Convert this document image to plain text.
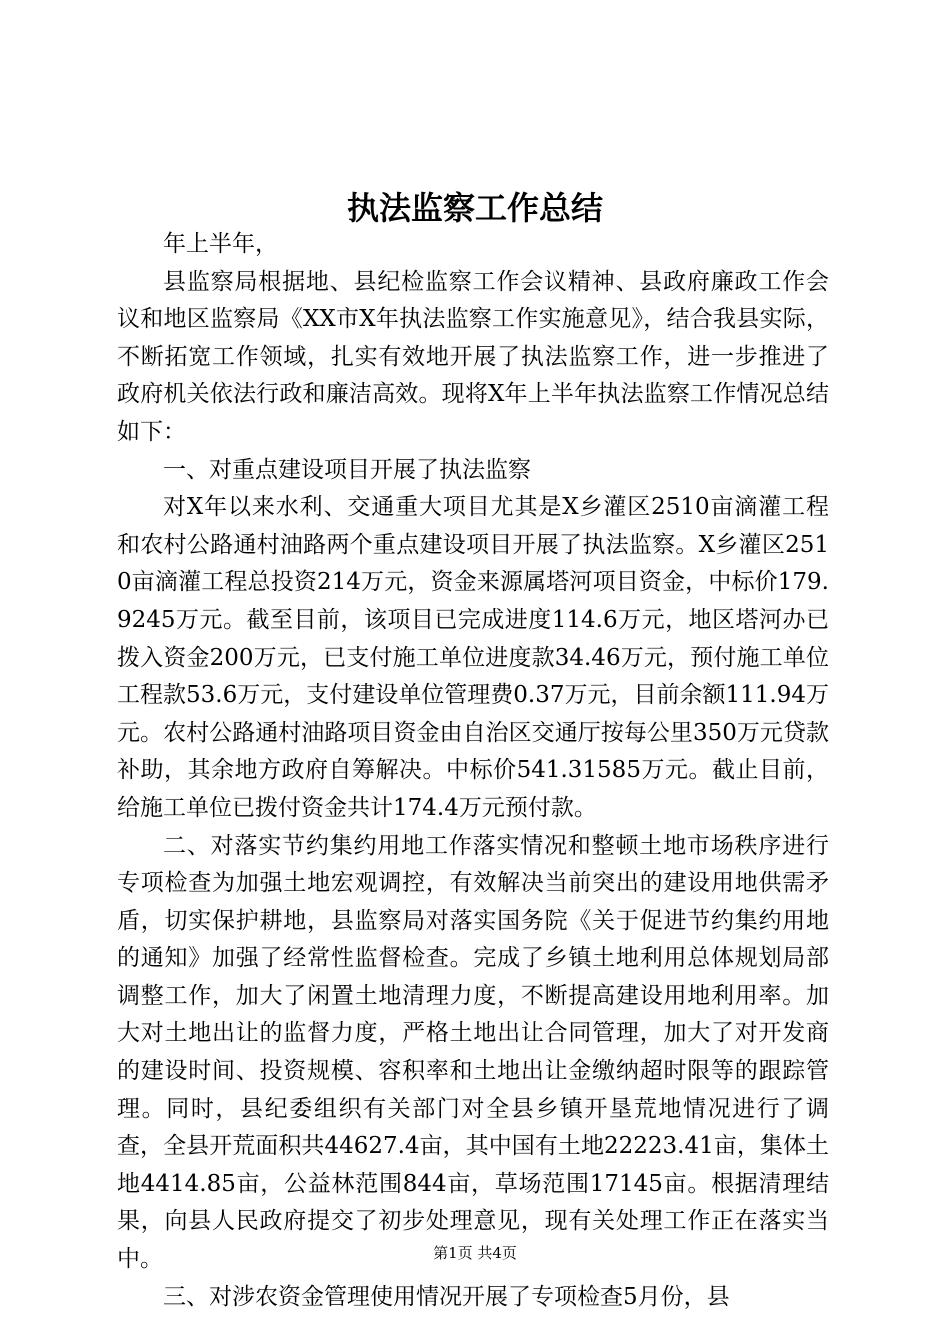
执法监察工作总结

年上半年，

县监察局根据地、县纪检监察工作会议精神、县政府廉政工作会议和地区监察局《XX市X年执法监察工作实施意见》，结合我县实际，不断拓宽工作领域，扎实有效地开展了执法监察工作，进一步推进了政府机关依法行政和廉洁高效。现将X年上半年执法监察工作情况总结如下：

一、对重点建设项目开展了执法监察

对X年以来水利、交通重大项目尤其是X乡灌区2510亩滴灌工程和农村公路通村油路两个重点建设项目开展了执法监察。X乡灌区2510亩滴灌工程总投资214万元，资金来源属塔河项目资金，中标价179.9245万元。截至目前，该项目已完成进度114.6万元，地区塔河办已拨入资金200万元，已支付施工单位进度款34.46万元，预付施工单位工程款53.6万元，支付建设单位管理费0.37万元，目前余额111.94万元。农村公路通村油路项目资金由自治区交通厅按每公里350万元贷款补助，其余地方政府自筹解决。中标价541.31585万元。截止目前，给施工单位已拨付资金共计174.4万元预付款。

二、对落实节约集约用地工作落实情况和整顿土地市场秩序进行专项检查为加强土地宏观调控，有效解决当前突出的建设用地供需矛盾，切实保护耕地，县监察局对落实国务院《关于促进节约集约用地的通知》加强了经常性监督检查。完成了乡镇土地利用总体规划局部调整工作，加大了闲置土地清理力度，不断提高建设用地利用率。加大对土地出让的监督力度，严格土地出让合同管理，加大了对开发商的建设时间、投资规模、容积率和土地出让金缴纳超时限等的跟踪管理。同时，县纪委组织有关部门对全县乡镇开垦荒地情况进行了调查，全县开荒面积共44627.4亩，其中国有土地22223.41亩，集体土地4414.85亩，公益林范围844亩，草场范围17145亩。根据清理结果，向县人民政府提交了初步处理意见，现有关处理工作正在落实当中。

三、对涉农资金管理使用情况开展了专项检查5月份，县

第1页 共4页
